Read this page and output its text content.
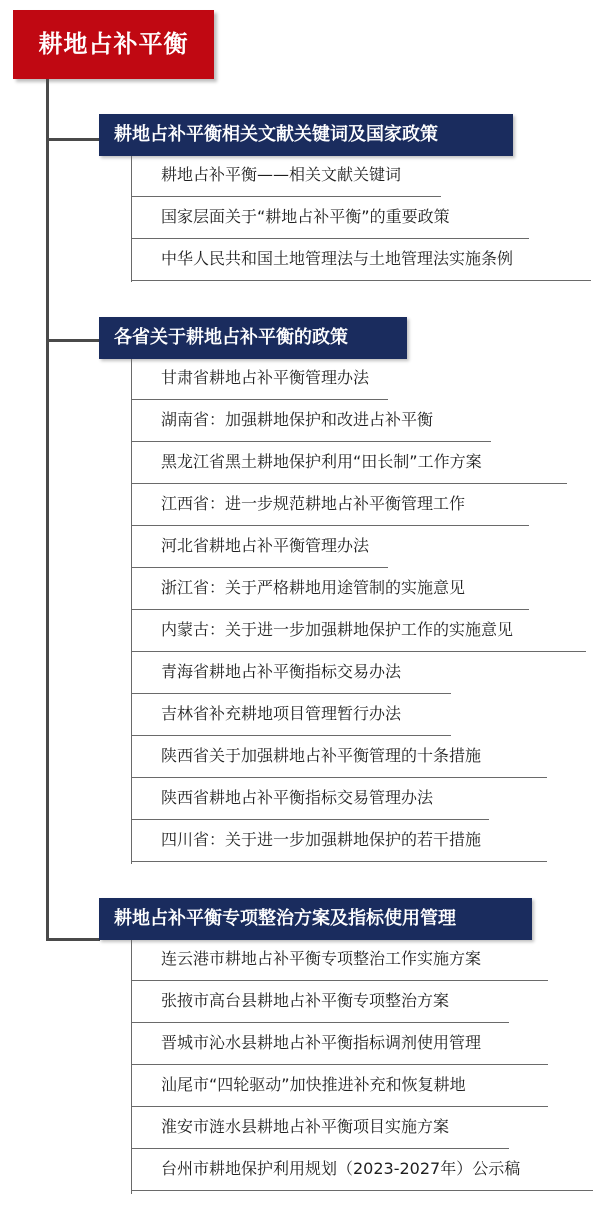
耕地占补平衡
耕地占补平衡相关文献关键词及国家政策
耕地占补平衡——相关文献关键词
国家层面关于“耕地占补平衡”的重要政策
中华人民共和国土地管理法与土地管理法实施条例
各省关于耕地占补平衡的政策
甘肃省耕地占补平衡管理办法
湖南省：加强耕地保护和改进占补平衡
黑龙江省黑土耕地保护利用“田长制”工作方案
江西省：进一步规范耕地占补平衡管理工作
河北省耕地占补平衡管理办法
浙江省：关于严格耕地用途管制的实施意见
内蒙古：关于进一步加强耕地保护工作的实施意见
青海省耕地占补平衡指标交易办法
吉林省补充耕地项目管理暂行办法
陕西省关于加强耕地占补平衡管理的十条措施
陕西省耕地占补平衡指标交易管理办法
四川省：关于进一步加强耕地保护的若干措施
耕地占补平衡专项整治方案及指标使用管理
连云港市耕地占补平衡专项整治工作实施方案
张掖市高台县耕地占补平衡专项整治方案
晋城市沁水县耕地占补平衡指标调剂使用管理
汕尾市“四轮驱动”加快推进补充和恢复耕地
淮安市涟水县耕地占补平衡项目实施方案
台州市耕地保护利用规划（2023-2027年）公示稿
